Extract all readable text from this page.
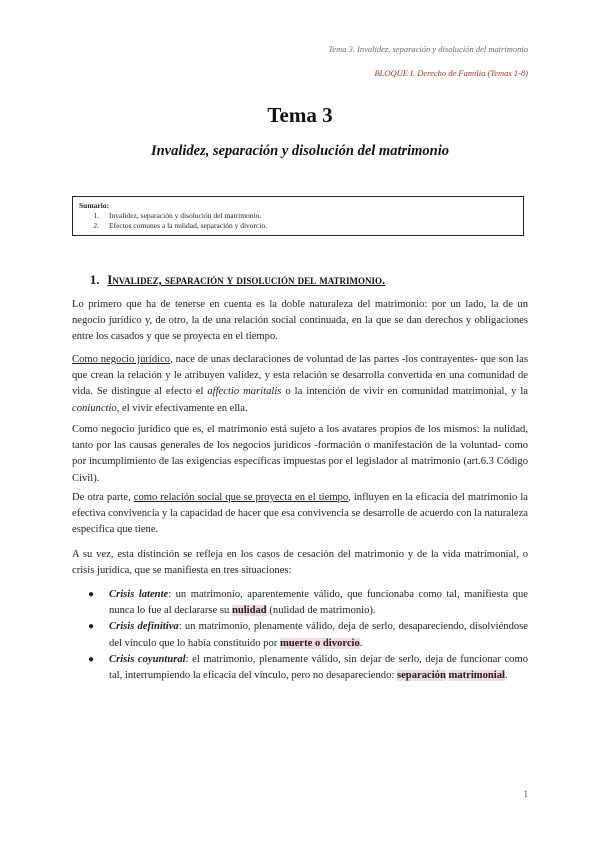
Tema 3. Invalidez, separación y disolución del matrimonio
BLOQUE I. Derecho de Familia (Temas 1-8)
Tema 3
Invalidez, separación y disolución del matrimonio
Sumario:
1. Invalidez, separación y disolución del matrimonio.
2. Efectos comunes a la nulidad, separación y divorcio.
1. Invalidez, separación y disolución del matrimonio.
Lo primero que ha de tenerse en cuenta es la doble naturaleza del matrimonio: por un lado, la de un negocio jurídico y, de otro, la de una relación social continuada, en la que se dan derechos y obligaciones entre los casados y que se proyecta en el tiempo.
Como negocio jurídico, nace de unas declaraciones de voluntad de las partes -los contrayentes- que son las que crean la relación y le atribuyen validez, y esta relación se desarrolla convertida en una comunidad de vida. Se distingue al efecto el affectio maritalis o la intención de vivir en comunidad matrimonial, y la coniunctio, el vivir efectivamente en ella.
Como negocio jurídico que es, el matrimonio está sujeto a los avatares propios de los mismos: la nulidad, tanto por las causas generales de los negocios jurídicos -formación o manifestación de la voluntad- como por incumplimiento de las exigencias específicas impuestas por el legislador al matrimonio (art.6.3 Código Civil).
De otra parte, como relación social que se proyecta en el tiempo, influyen en la eficacia del matrimonio la efectiva convivencia y la capacidad de hacer que esa convivencia se desarrolle de acuerdo con la naturaleza específica que tiene.
A su vez, esta distinción se refleja en los casos de cesación del matrimonio y de la vida matrimonial, o crisis jurídica, que se manifiesta en tres situaciones:
● Crisis latente: un matrimonio, aparentemente válido, que funcionaba como tal, manifiesta que nunca lo fue al declararse su nulidad (nulidad de matrimonio).
● Crisis definitiva: un matrimonio, plenamente válido, deja de serlo, desapareciendo, disolviéndose del vínculo que lo había constituido por muerte o divorcio.
● Crisis coyuntural: el matrimonio, plenamente válido, sin dejar de serlo, deja de funcionar como tal, interrumpiendo la eficacia del vínculo, pero no desapareciendo: separación matrimonial.
1
